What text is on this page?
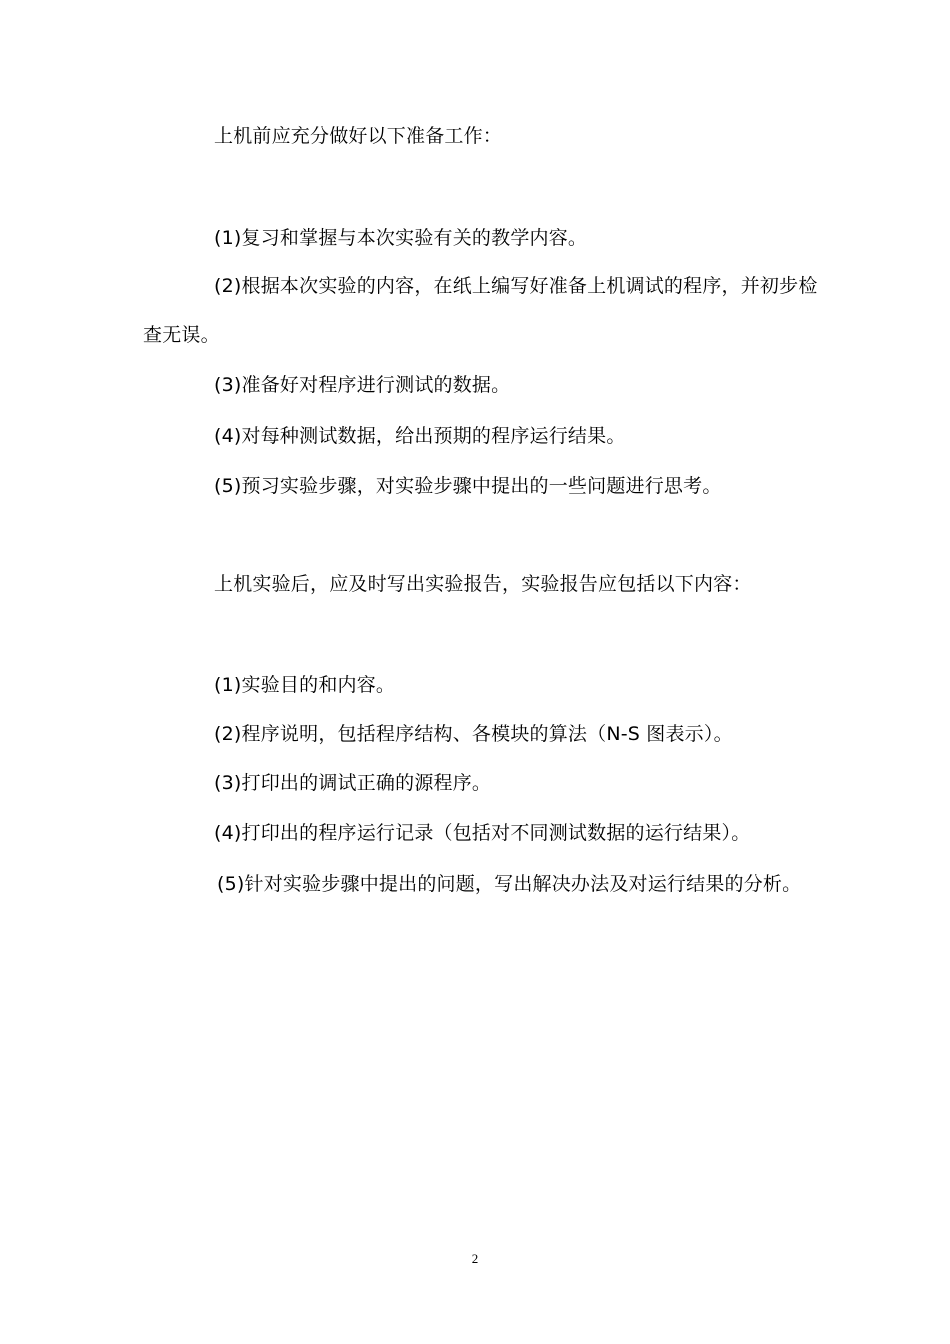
上机前应充分做好以下准备工作：
(1)复习和掌握与本次实验有关的教学内容。
(2)根据本次实验的内容，在纸上编写好准备上机调试的程序，并初步检
查无误。
(3)准备好对程序进行测试的数据。
(4)对每种测试数据，给出预期的程序运行结果。
(5)预习实验步骤，对实验步骤中提出的一些问题进行思考。
上机实验后，应及时写出实验报告，实验报告应包括以下内容：
(1)实验目的和内容。
(2)程序说明，包括程序结构、各模块的算法（N-S 图表示）。
(3)打印出的调试正确的源程序。
(4)打印出的程序运行记录（包括对不同测试数据的运行结果）。
(5)针对实验步骤中提出的问题，写出解决办法及对运行结果的分析。
2
